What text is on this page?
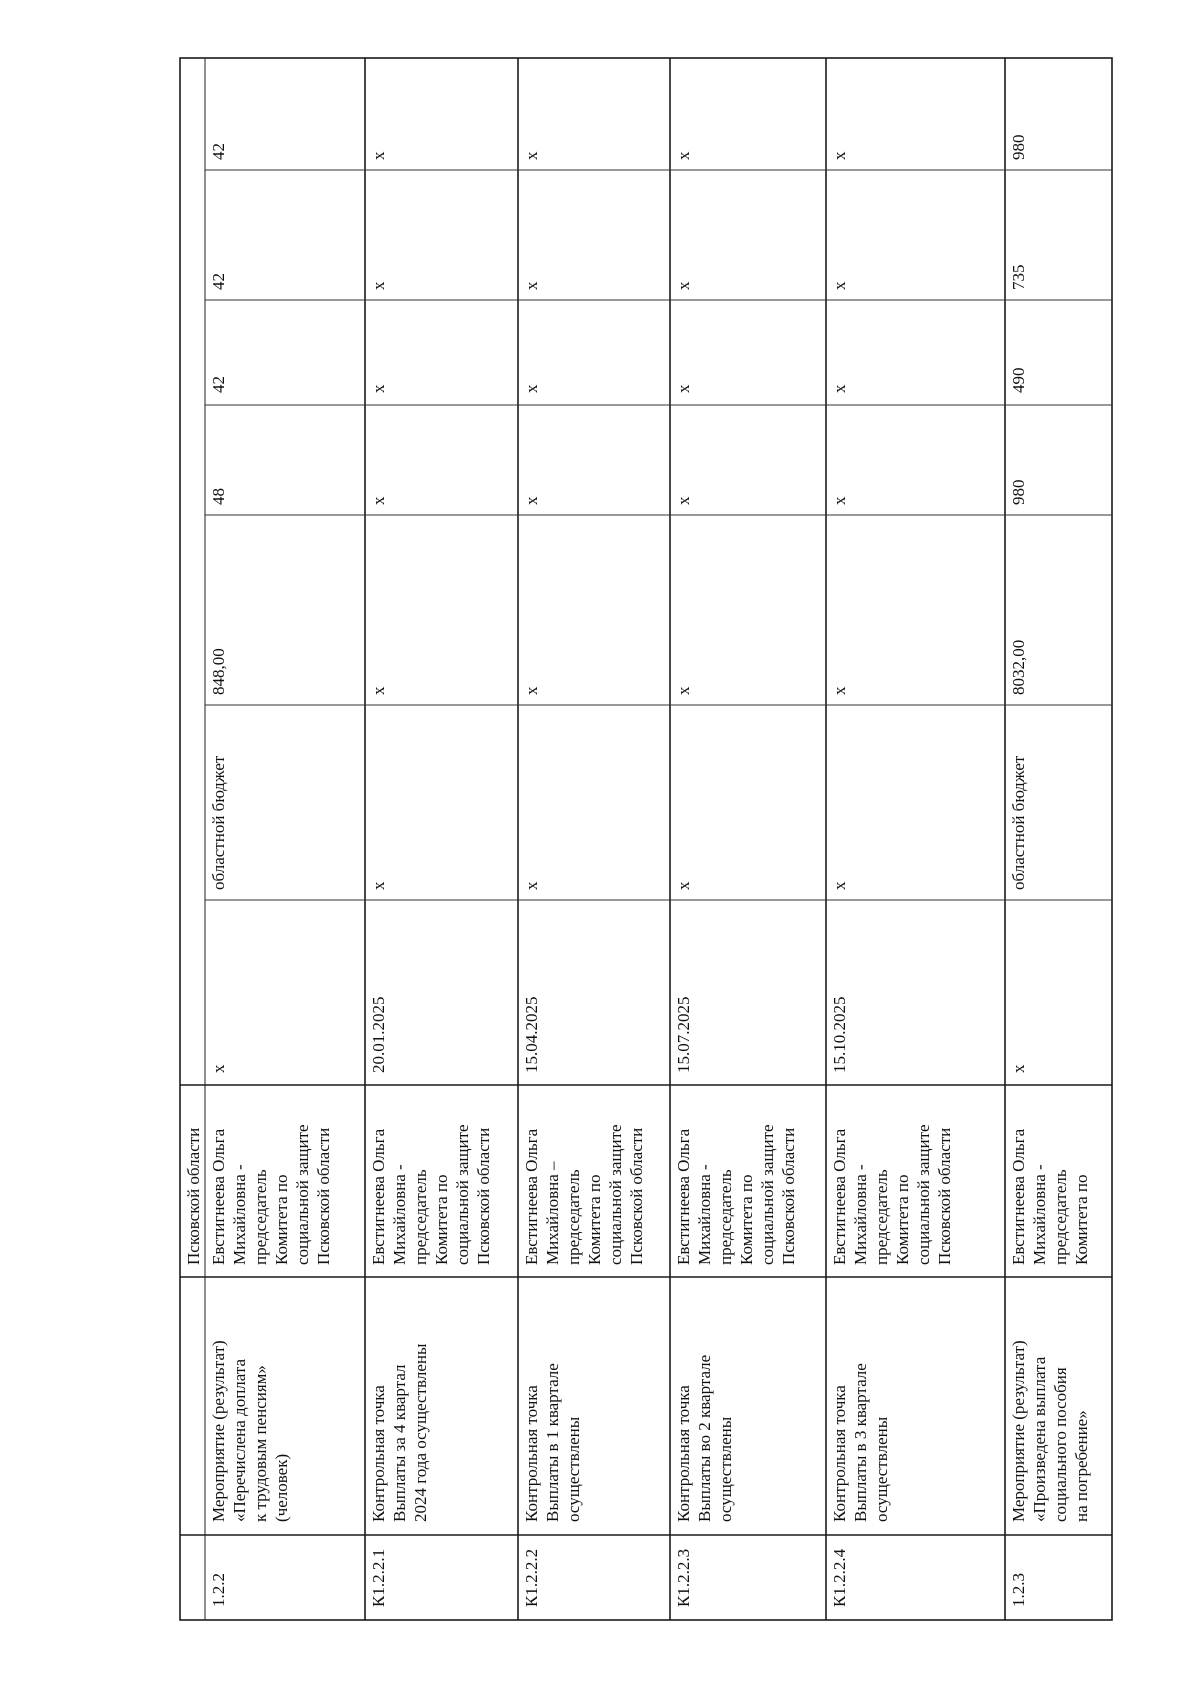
1.2.2
Мероприятие (результат) «Перечислена доплата к трудовым пенсиям» (человек)
Евстигнеева Ольга Михайловна - председатель Комитета по социальной защите Псковской области
x
областной бюджет
848,00
48
42
42
42
К1.2.2.1
Контрольная точка Выплаты за 4 квартал 2024 года осуществлены
Евстигнеева Ольга Михайловна - председатель Комитета по социальной защите Псковской области
20.01.2025
x
x
x
x
x
x
К1.2.2.2
Контрольная точка Выплаты в 1 квартале осуществлены
Евстигнеева Ольга Михайловна – председатель Комитета по социальной защите Псковской области
15.04.2025
x
x
x
x
x
x
К1.2.2.3
Контрольная точка Выплаты во 2 квартале осуществлены
Евстигнеева Ольга Михайловна - председатель Комитета по социальной защите Псковской области
15.07.2025
x
x
x
x
x
x
К1.2.2.4
Контрольная точка Выплаты в 3 квартале осуществлены
Евстигнеева Ольга Михайловна - председатель Комитета по социальной защите Псковской области
15.10.2025
x
x
x
x
x
x
1.2.3
Мероприятие (результат) «Произведена выплата социального пособия на погребение»
Евстигнеева Ольга Михайловна - председатель Комитета по
x
областной бюджет
8032,00
980
490
735
980
Псковской области
